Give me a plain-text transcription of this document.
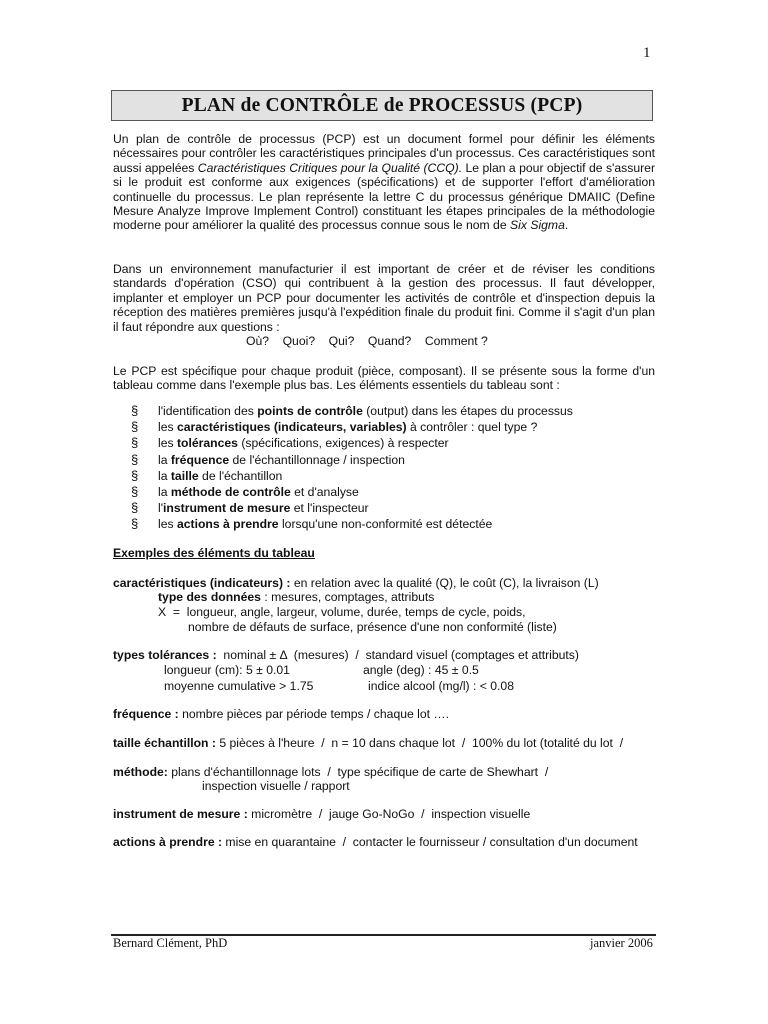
1
PLAN de CONTRÔLE de PROCESSUS (PCP)
Un plan de contrôle de processus (PCP) est un document formel pour définir les éléments nécessaires pour contrôler les caractéristiques principales d'un processus. Ces caractéristiques sont aussi appelées Caractéristiques Critiques pour la Qualité (CCQ). Le plan a pour objectif de s'assurer si le produit est conforme aux exigences (spécifications) et de supporter l'effort d'amélioration continuelle du processus. Le plan représente la lettre C du processus générique DMAIIC (Define Mesure Analyze Improve Implement Control) constituant les étapes principales de la méthodologie moderne pour améliorer la qualité des processus connue sous le nom de Six Sigma.
Dans un environnement manufacturier il est important de créer et de réviser les conditions standards d'opération (CSO) qui contribuent à la gestion des processus. Il faut développer, implanter et employer un PCP pour documenter les activités de contrôle et d'inspection depuis la réception des matières premières jusqu'à l'expédition finale du produit fini. Comme il s'agit d'un plan il faut répondre aux questions :
Où?    Quoi?    Qui?    Quand?    Comment ?
Le PCP est spécifique pour chaque produit (pièce, composant). Il se présente sous la forme d'un tableau comme dans l'exemple plus bas. Les éléments essentiels du tableau sont :
§ l'identification des points de contrôle (output) dans les étapes du processus
§ les caractéristiques (indicateurs, variables) à contrôler : quel type ?
§ les tolérances (spécifications, exigences) à respecter
§ la fréquence de l'échantillonnage / inspection
§ la taille de l'échantillon
§ la méthode de contrôle et d'analyse
§ l'instrument de mesure et l'inspecteur
§ les actions à prendre lorsqu'une non-conformité est détectée
Exemples des éléments du tableau
caractéristiques (indicateurs) : en relation avec la qualité (Q), le coût (C), la livraison (L)
type des données : mesures, comptages, attributs
X  =  longueur, angle, largeur, volume, durée, temps de cycle, poids,
nombre de défauts de surface, présence d'une non conformité (liste)
types tolérances :  nominal ± Δ  (mesures)  /  standard visuel (comptages et attributs)
longueur (cm): 5 ± 0.01	angle (deg) : 45 ± 0.5
moyenne cumulative > 1.75	indice alcool (mg/l) : < 0.08
fréquence : nombre pièces par période temps / chaque lot ….
taille échantillon : 5 pièces à l'heure  /  n = 10 dans chaque lot  /  100% du lot (totalité du lot  /
méthode: plans d'échantillonnage lots  /  type spécifique de carte de Shewhart  /
inspection visuelle / rapport
instrument de mesure : micromètre  /  jauge Go-NoGo  /  inspection visuelle
actions à prendre : mise en quarantaine  /  contacter le fournisseur / consultation d'un document
Bernard Clément, PhD	janvier 2006
